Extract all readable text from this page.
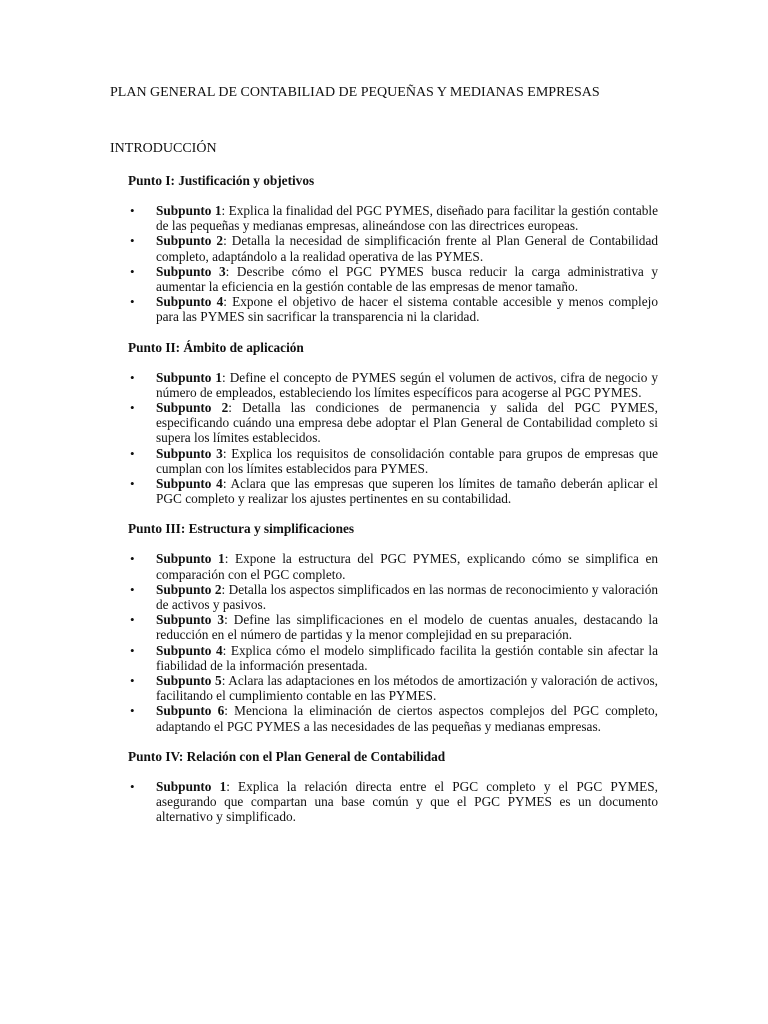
PLAN GENERAL DE CONTABILIAD DE PEQUEÑAS Y MEDIANAS EMPRESAS
INTRODUCCIÓN
Punto I: Justificación y objetivos
• Subpunto 1: Explica la finalidad del PGC PYMES, diseñado para facilitar la gestión contable de las pequeñas y medianas empresas, alineándose con las directrices europeas.
• Subpunto 2: Detalla la necesidad de simplificación frente al Plan General de Contabilidad completo, adaptándolo a la realidad operativa de las PYMES.
• Subpunto 3: Describe cómo el PGC PYMES busca reducir la carga administrativa y aumentar la eficiencia en la gestión contable de las empresas de menor tamaño.
• Subpunto 4: Expone el objetivo de hacer el sistema contable accesible y menos complejo para las PYMES sin sacrificar la transparencia ni la claridad.
Punto II: Ámbito de aplicación
• Subpunto 1: Define el concepto de PYMES según el volumen de activos, cifra de negocio y número de empleados, estableciendo los límites específicos para acogerse al PGC PYMES.
• Subpunto 2: Detalla las condiciones de permanencia y salida del PGC PYMES, especificando cuándo una empresa debe adoptar el Plan General de Contabilidad completo si supera los límites establecidos.
• Subpunto 3: Explica los requisitos de consolidación contable para grupos de empresas que cumplan con los límites establecidos para PYMES.
• Subpunto 4: Aclara que las empresas que superen los límites de tamaño deberán aplicar el PGC completo y realizar los ajustes pertinentes en su contabilidad.
Punto III: Estructura y simplificaciones
• Subpunto 1: Expone la estructura del PGC PYMES, explicando cómo se simplifica en comparación con el PGC completo.
• Subpunto 2: Detalla los aspectos simplificados en las normas de reconocimiento y valoración de activos y pasivos.
• Subpunto 3: Define las simplificaciones en el modelo de cuentas anuales, destacando la reducción en el número de partidas y la menor complejidad en su preparación.
• Subpunto 4: Explica cómo el modelo simplificado facilita la gestión contable sin afectar la fiabilidad de la información presentada.
• Subpunto 5: Aclara las adaptaciones en los métodos de amortización y valoración de activos, facilitando el cumplimiento contable en las PYMES.
• Subpunto 6: Menciona la eliminación de ciertos aspectos complejos del PGC completo, adaptando el PGC PYMES a las necesidades de las pequeñas y medianas empresas.
Punto IV: Relación con el Plan General de Contabilidad
• Subpunto 1: Explica la relación directa entre el PGC completo y el PGC PYMES, asegurando que compartan una base común y que el PGC PYMES es un documento alternativo y simplificado.
